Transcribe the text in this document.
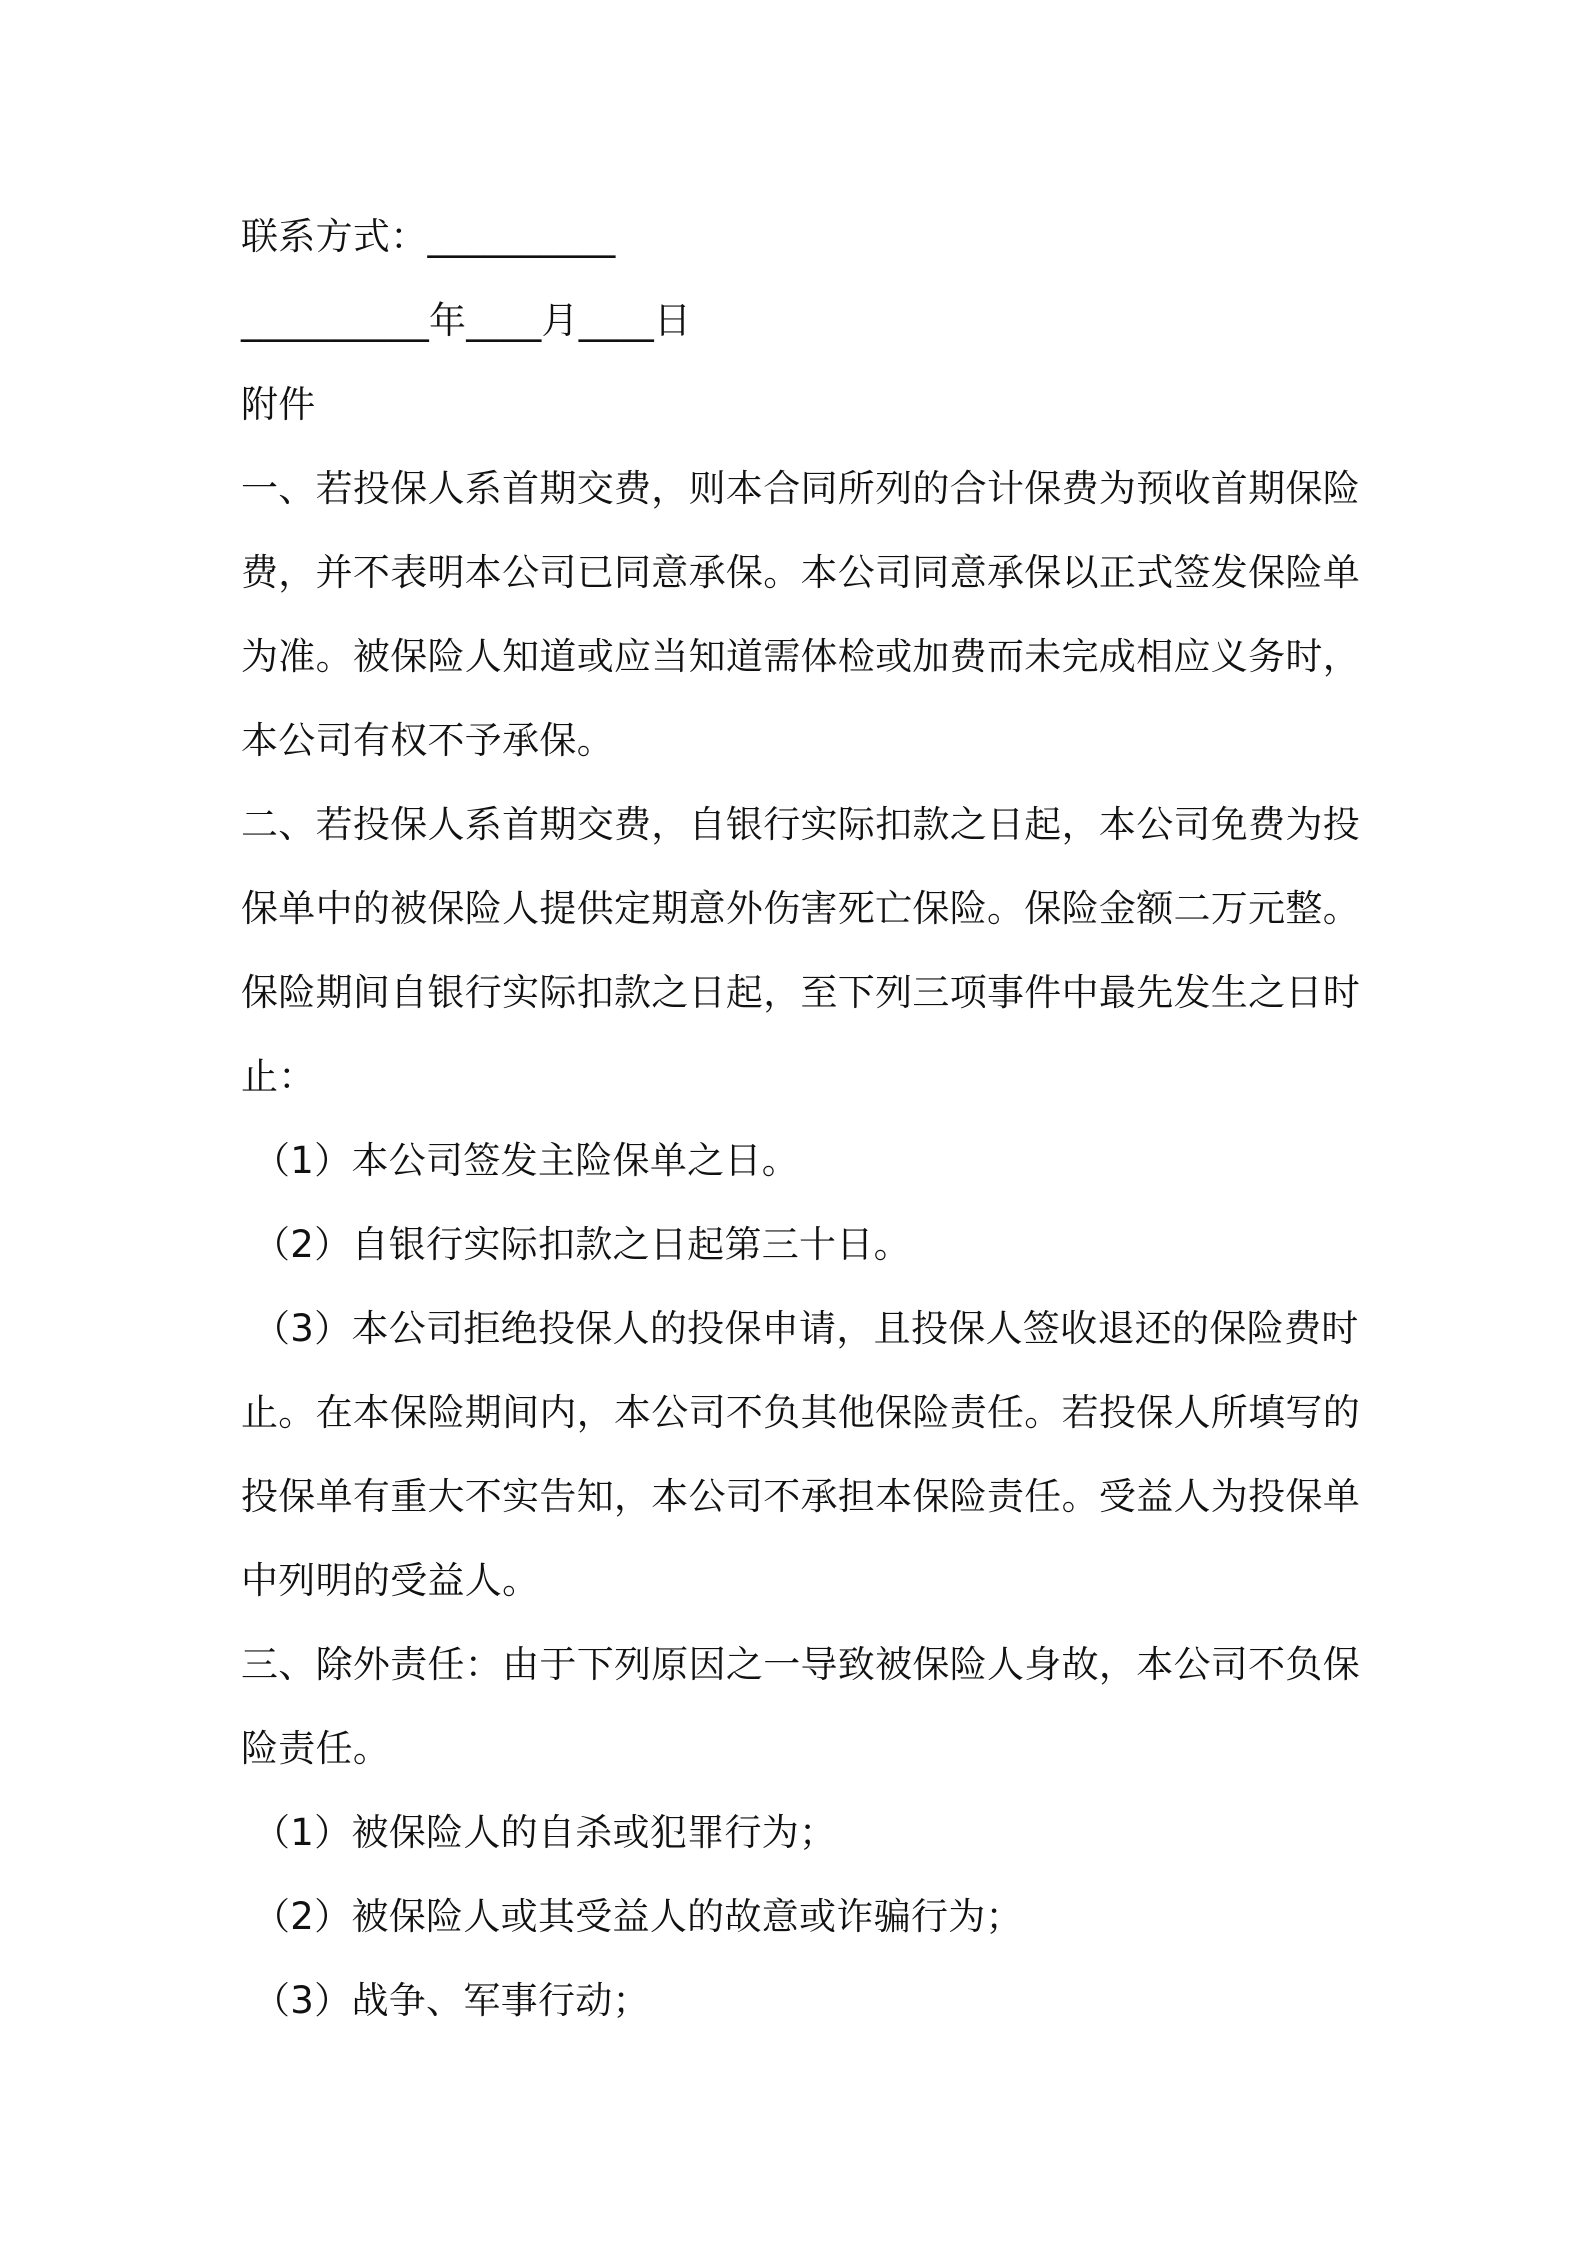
联系方式：__________

__________年____月____日

附件

一、若投保人系首期交费，则本合同所列的合计保费为预收首期保险

费，并不表明本公司已同意承保。本公司同意承保以正式签发保险单

为准。被保险人知道或应当知道需体检或加费而未完成相应义务时，

本公司有权不予承保。

二、若投保人系首期交费，自银行实际扣款之日起，本公司免费为投

保单中的被保险人提供定期意外伤害死亡保险。保险金额二万元整。

保险期间自银行实际扣款之日起，至下列三项事件中最先发生之日时

止：

（1）本公司签发主险保单之日。

（2）自银行实际扣款之日起第三十日。

（3）本公司拒绝投保人的投保申请，且投保人签收退还的保险费时

止。在本保险期间内，本公司不负其他保险责任。若投保人所填写的

投保单有重大不实告知，本公司不承担本保险责任。受益人为投保单

中列明的受益人。

三、除外责任：由于下列原因之一导致被保险人身故，本公司不负保

险责任。

（1）被保险人的自杀或犯罪行为；

（2）被保险人或其受益人的故意或诈骗行为；

（3）战争、军事行动；
